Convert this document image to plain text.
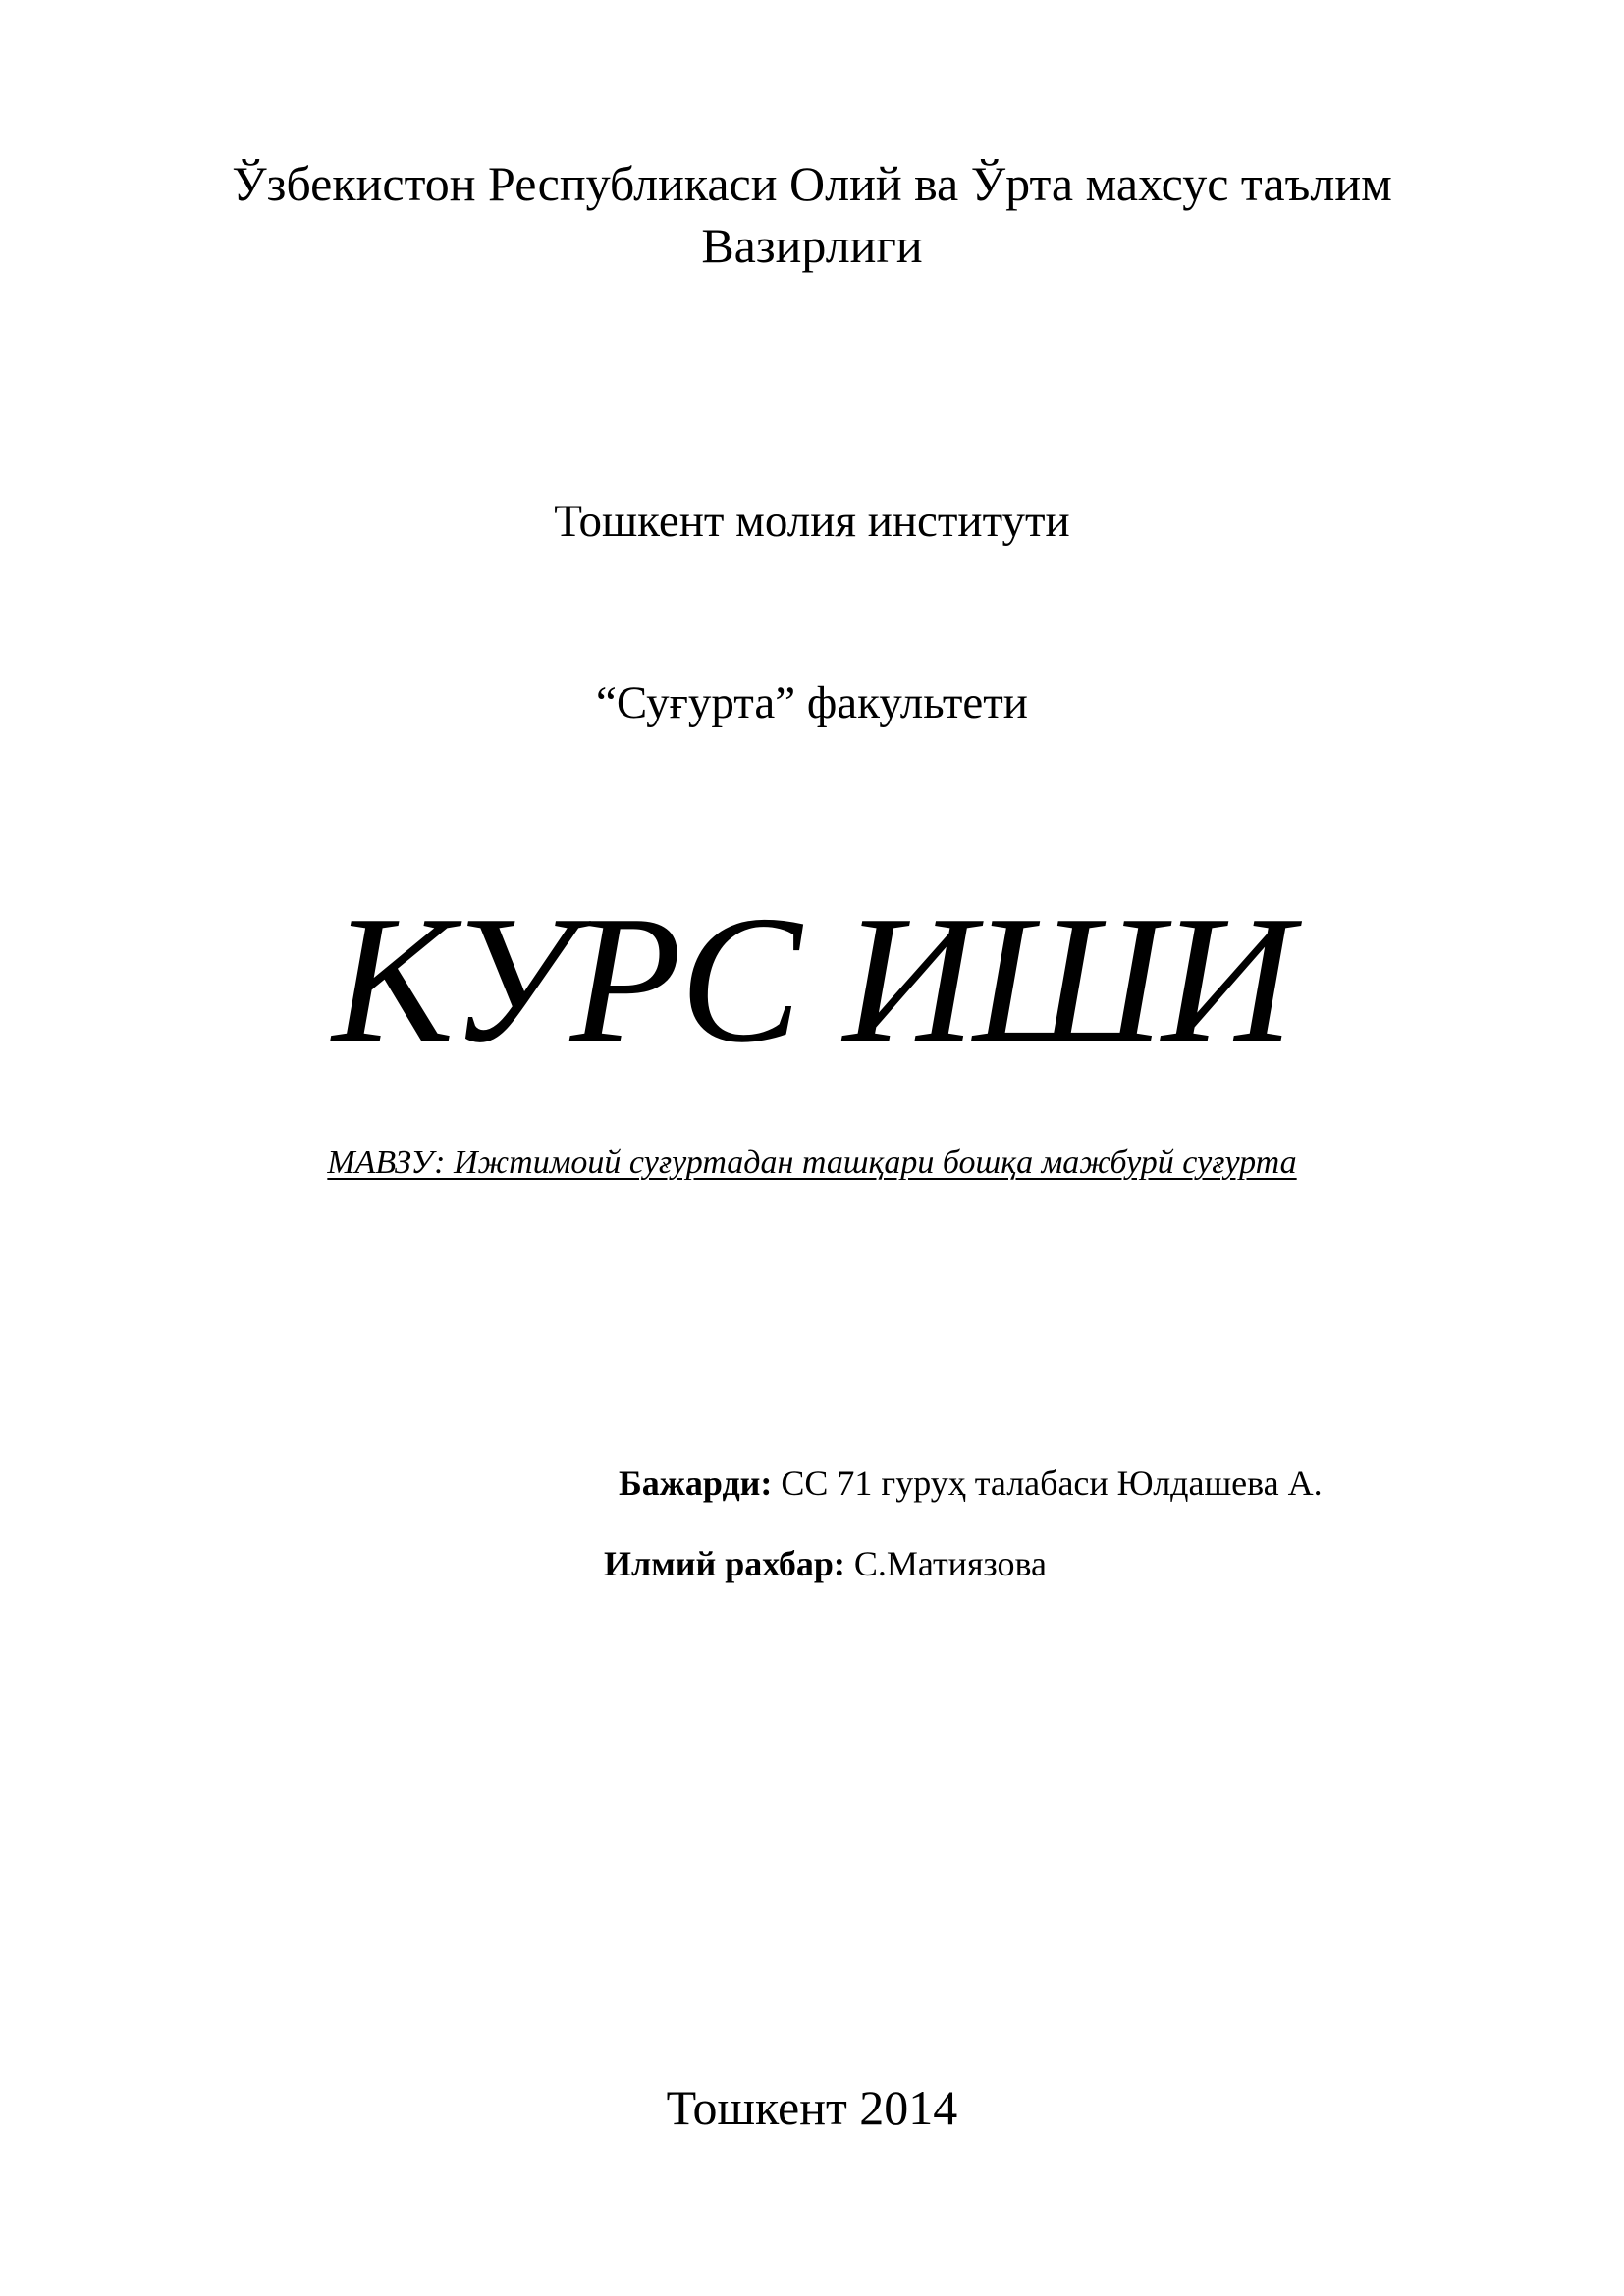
Ўзбекистон Республикаси Олий ва Ўрта махсус таълим
Вазирлиги
Тошкент молия институти
“Суғурта” факультети
КУРС ИШИ
МАВЗУ: Ижтимоий суғуртадан ташқари бошқа мажбурй суғурта
Бажарди: СС 71 гуруҳ талабаси Юлдашева А.
Илмий рахбар: С.Матиязова
Тошкент 2014
